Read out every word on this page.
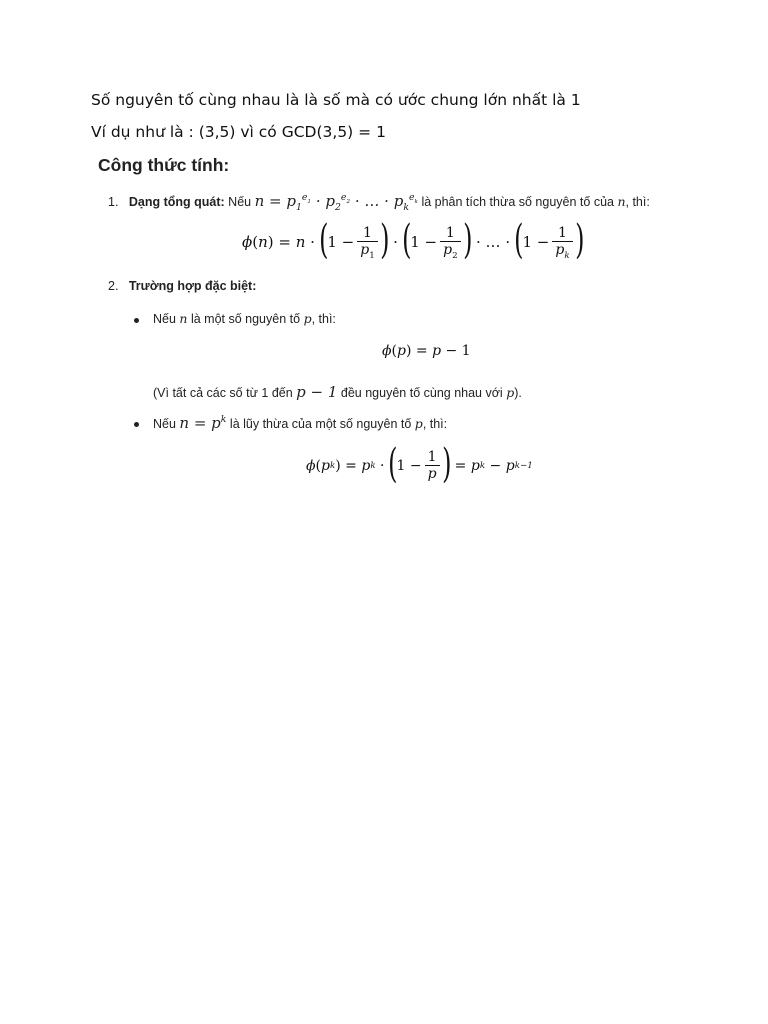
Số nguyên tố cùng nhau là là số mà có ước chung lớn nhất là 1
Ví dụ như là : (3,5) vì có GCD(3,5) = 1
Công thức tính:
1. Dạng tổng quát: Nếu $n = p_1^{e_1} \cdot p_2^{e_2}$ · … · $p_k^{e_k}$ là phân tích thừa số nguyên tố của n, thì:
ϕ ( n ) = n · ( $1 - \frac{1}{p_1}$ ) · ( $1 - \frac{1}{p_2}$ ) · … · ( $1 - \frac{1}{p_k}$ )
2. Trường hợp đặc biệt:
Nếu n là một số nguyên tố p, thì:
ϕ ( p ) = p − 1
(Vì tất cả các số từ 1 đến p − 1 đều nguyên tố cùng nhau với p).
Nếu $n = p^k$ là lũy thừa của một số nguyên tố p, thì:
ϕ ( p k ) = p k · ( $1 - \frac{1}{p}$ ) = p k − p k−1
